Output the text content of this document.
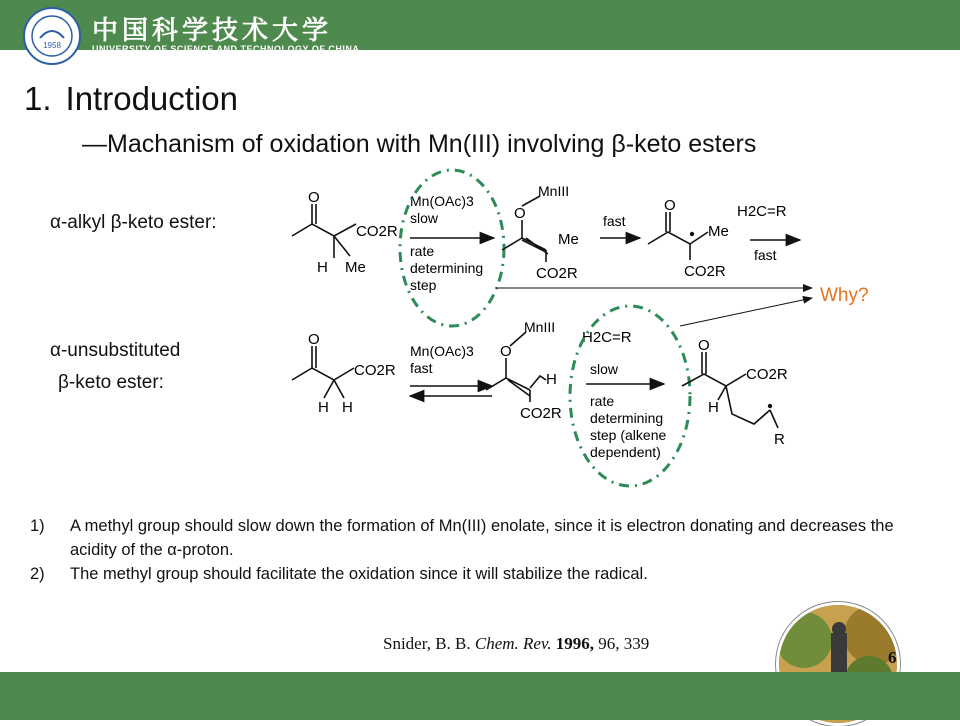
1958 中国科学技术大学
UNIVERSITY OF SCIENCE AND TECHNOLOGY OF CHINA
1. Introduction
—Machanism of oxidation with Mn(III) involving β-keto esters
α-alkyl β-keto ester:
α-unsubstituted
β-keto ester:
Why?
O
CO2R
H Me
Mn(OAc)3
slow
rate
determining
step
O
MnIII
Me
CO2R
fast
O
Me
CO2R
H2C=R
fast
O
CO2R
H H
Mn(OAc)3
fast
O
MnIII
H
CO2R
H2C=R
slow
rate
determining
step (alkene
dependent)
O
CO2R
H
R
1)	A methyl group should slow down the formation of Mn(III) enolate, since it is electron donating and decreases the acidity of the α-proton.
2)	The methyl group should facilitate the oxidation since it will stabilize the radical.
Snider, B. B. Chem. Rev. 1996, 96, 339
6
